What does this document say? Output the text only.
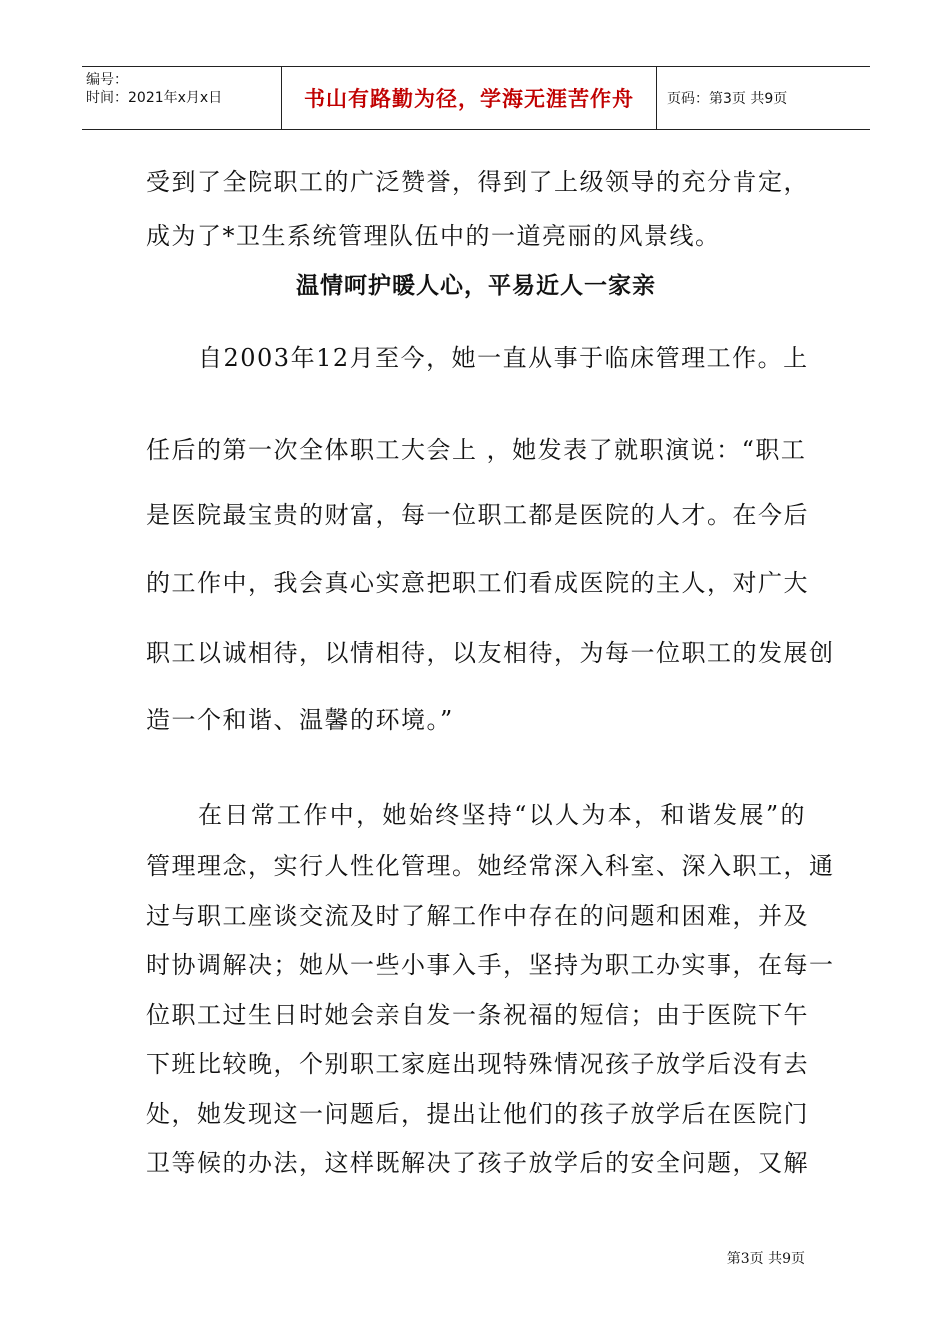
编号：
时间：2021年x月x日	书山有路勤为径，学海无涯苦作舟	页码：第3页 共9页
受到了全院职工的广泛赞誉，得到了上级领导的充分肯定，
成为了*卫生系统管理队伍中的一道亮丽的风景线。
温情呵护暖人心，平易近人一家亲
自2003年12月至今，她一直从事于临床管理工作。上
任后的第一次全体职工大会上 ，她发表了就职演说：“职工
是医院最宝贵的财富，每一位职工都是医院的人才。在今后
的工作中，我会真心实意把职工们看成医院的主人，对广大
职工以诚相待，以情相待，以友相待，为每一位职工的发展创
造一个和谐、温馨的环境。”
在日常工作中，她始终坚持“以人为本，和谐发展”的
管理理念，实行人性化管理。她经常深入科室、深入职工，通
过与职工座谈交流及时了解工作中存在的问题和困难，并及
时协调解决；她从一些小事入手，坚持为职工办实事，在每一
位职工过生日时她会亲自发一条祝福的短信；由于医院下午
下班比较晚，个别职工家庭出现特殊情况孩子放学后没有去
处，她发现这一问题后，提出让他们的孩子放学后在医院门
卫等候的办法，这样既解决了孩子放学后的安全问题，又解
第3页 共9页
